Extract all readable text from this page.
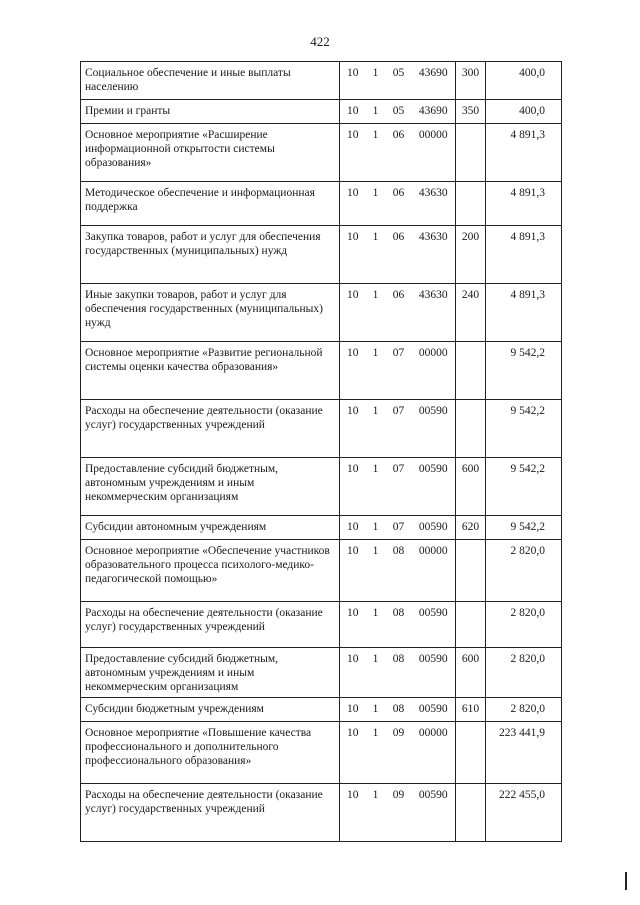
422
Социальное обеспечение и иные выплаты населению	10	1	05	43690	300	400,0
Премии и гранты	10	1	05	43690	350	400,0
Основное мероприятие «Расширение информационной открытости системы образования»	10	1	06	00000		4 891,3
Методическое обеспечение и информационная поддержка	10	1	06	43630		4 891,3
Закупка товаров, работ и услуг для обеспечения государственных (муниципальных) нужд	10	1	06	43630	200	4 891,3
Иные закупки товаров, работ и услуг для обеспечения государственных (муниципальных) нужд	10	1	06	43630	240	4 891,3
Основное мероприятие «Развитие региональной системы оценки качества образования»	10	1	07	00000		9 542,2
Расходы на обеспечение деятельности (оказание услуг) государственных учреждений	10	1	07	00590		9 542,2
Предоставление субсидий бюджетным, автономным учреждениям и иным некоммерческим организациям	10	1	07	00590	600	9 542,2
Субсидии автономным учреждениям	10	1	07	00590	620	9 542,2
Основное мероприятие «Обеспечение участников образовательного процесса психолого-медико-педагогической помощью»	10	1	08	00000		2 820,0
Расходы на обеспечение деятельности (оказание услуг) государственных учреждений	10	1	08	00590		2 820,0
Предоставление субсидий бюджетным, автономным учреждениям и иным некоммерческим организациям	10	1	08	00590	600	2 820,0
Субсидии бюджетным учреждениям	10	1	08	00590	610	2 820,0
Основное мероприятие «Повышение качества профессионального и дополнительного профессионального образования»	10	1	09	00000		223 441,9
Расходы на обеспечение деятельности (оказание услуг) государственных учреждений	10	1	09	00590		222 455,0
